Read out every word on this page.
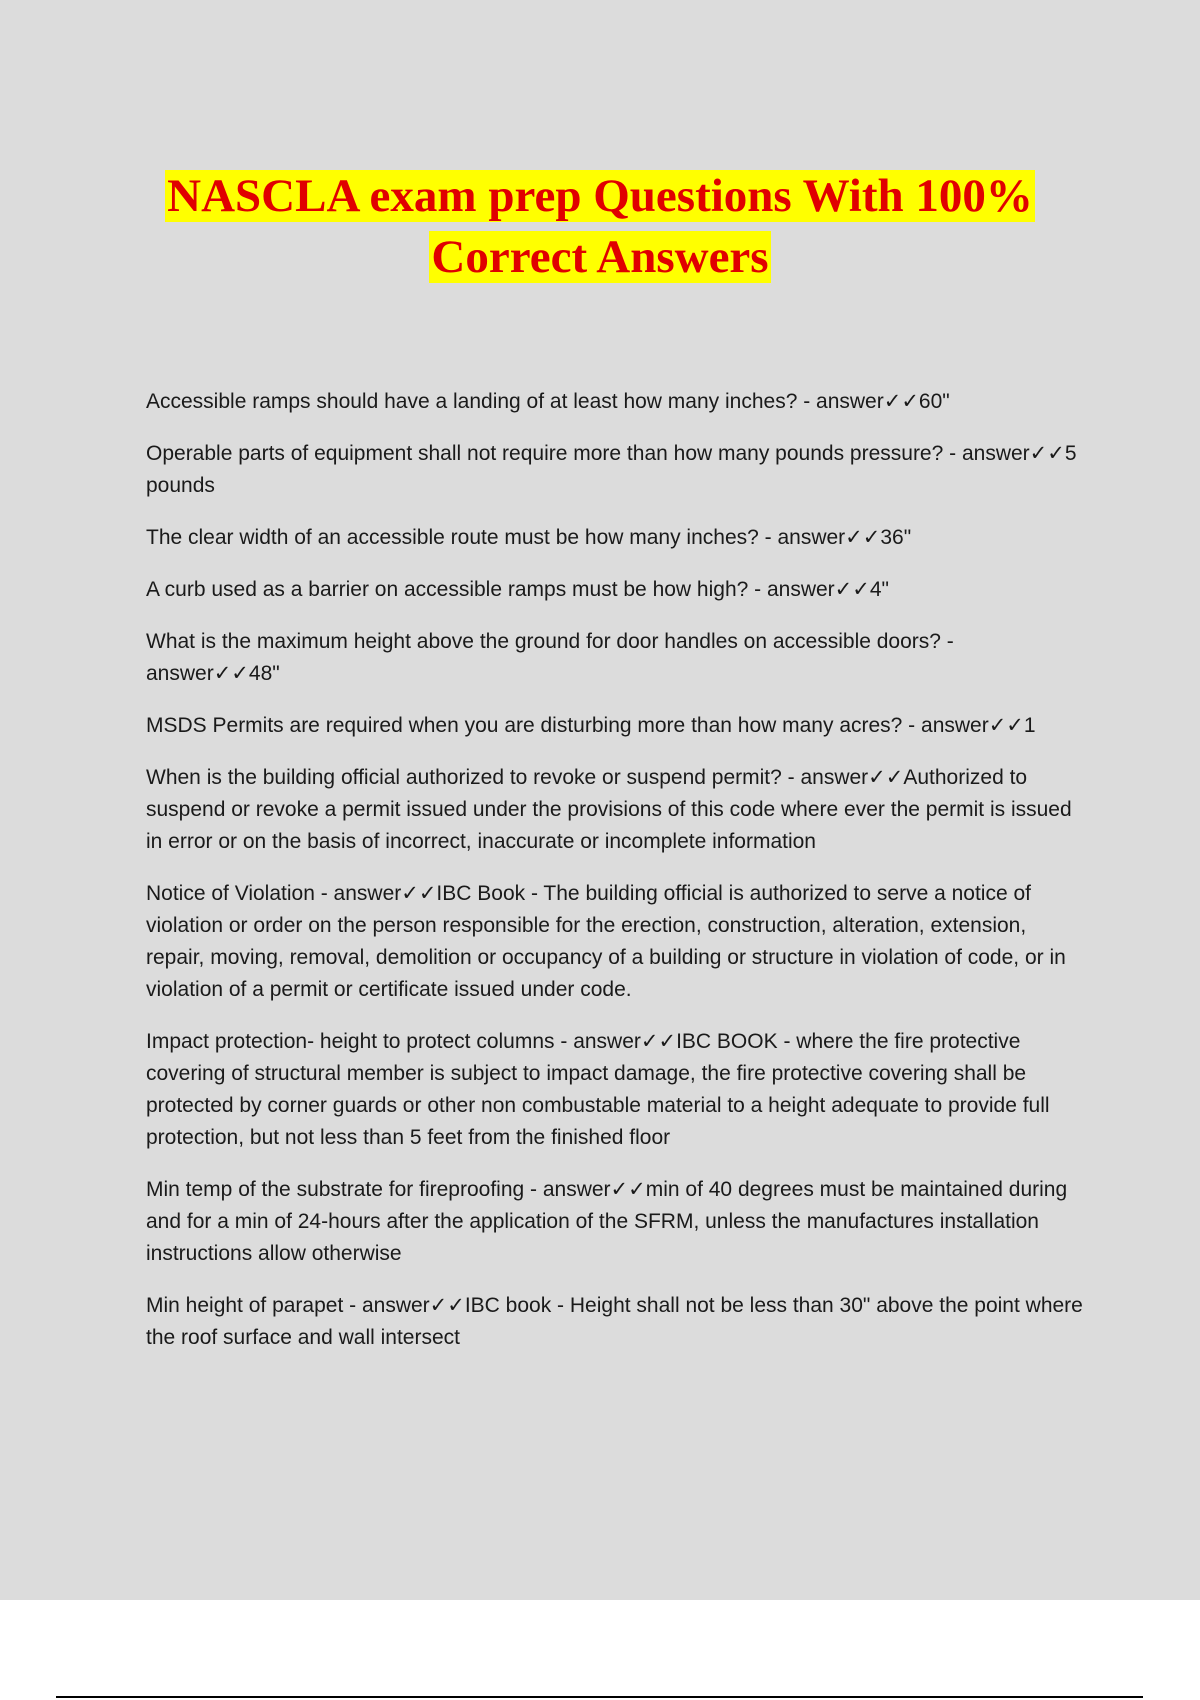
NASCLA exam prep Questions With 100%
Correct Answers

Accessible ramps should have a landing of at least how many inches? - answer✓✓60"

Operable parts of equipment shall not require more than how many pounds pressure? - answer✓✓5 pounds

The clear width of an accessible route must be how many inches? - answer✓✓36"

A curb used as a barrier on accessible ramps must be how high? - answer✓✓4"

What is the maximum height above the ground for door handles on accessible doors? - answer✓✓48"

MSDS Permits are required when you are disturbing more than how many acres? - answer✓✓1

When is the building official authorized to revoke or suspend permit? - answer✓✓Authorized to suspend or revoke a permit issued under the provisions of this code where ever the permit is issued in error or on the basis of incorrect, inaccurate or incomplete information

Notice of Violation - answer✓✓IBC Book - The building official is authorized to serve a notice of violation or order on the person responsible for the erection, construction, alteration, extension, repair, moving, removal, demolition or occupancy of a building or structure in violation of code, or in violation of a permit or certificate issued under code.

Impact protection- height to protect columns - answer✓✓IBC BOOK - where the fire protective covering of structural member is subject to impact damage, the fire protective covering shall be protected by corner guards or other non combustable material to a height adequate to provide full protection, but not less than 5 feet from the finished floor

Min temp of the substrate for fireproofing - answer✓✓min of 40 degrees must be maintained during and for a min of 24-hours after the application of the SFRM, unless the manufactures installation instructions allow otherwise

Min height of parapet - answer✓✓IBC book - Height shall not be less than 30" above the point where the roof surface and wall intersect
